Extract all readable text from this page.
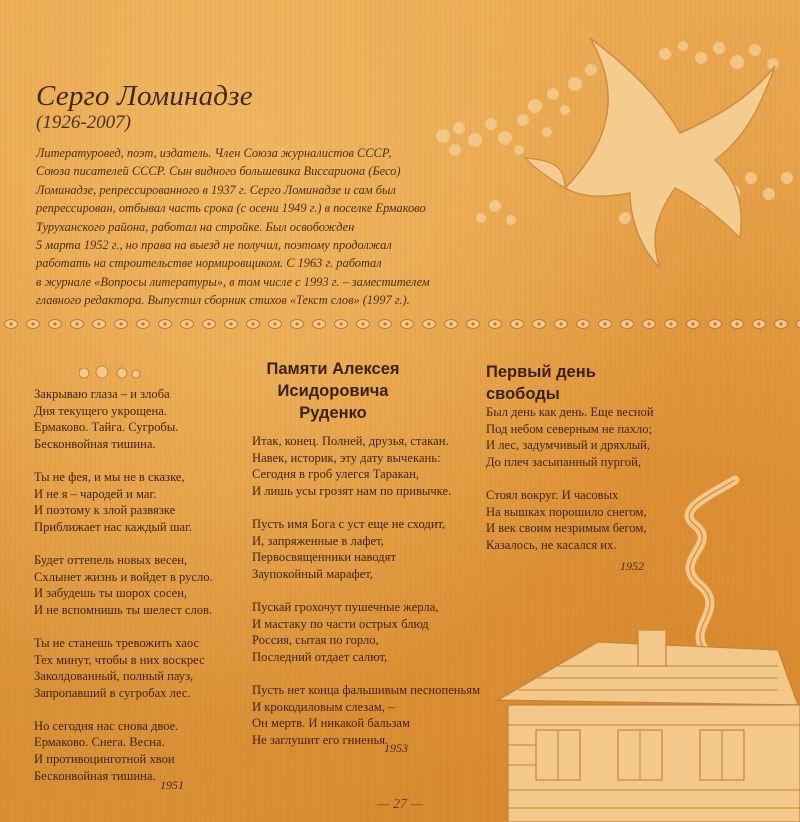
Серго Ломинадзе
(1926-2007)
Литературовед, поэт, издатель. Член Союза журналистов СССР,
Союза писателей СССР. Сын видного большевика Виссариона (Бесо)
Ломинадзе, репрессированного в 1937 г. Серго Ломинадзе и сам был
репрессирован, отбывал часть срока (с осени 1949 г.) в поселке Ермаково
Туруханского района, работал на стройке. Был освобожден
5 марта 1952 г., но права на выезд не получил, поэтому продолжал
работать на строительстве нормировщиком. С 1963 г. работал
в журнале «Вопросы литературы», в том числе с 1993 г. – заместителем
главного редактора. Выпустил сборник стихов «Текст слов» (1997 г.).
Закрываю глаза – и злоба
Дня текущего укрощена.
Ермаково. Тайга. Сугробы.
Бесконвойная тишина.
Ты не фея, и мы не в сказке,
И не я – чародей и маг.
И поэтому к злой развязке
Приближает нас каждый шаг.
Будет оттепель новых весен,
Схлынет жизнь и войдет в русло.
И забудешь ты шорох сосен,
И не вспомнишь ты шелест слов.
Ты не станешь тревожить хаос
Тех минут, чтобы в них воскрес
Заколдованный, полный пауз,
Запропавший в сугробах лес.
Но сегодня нас снова двое.
Ермаково. Снега. Весна.
И противоцинготной хвои
Бесконвойная тишина.
1951
Памяти Алексея
Исидоровича
Руденко
Итак, конец. Полней, друзья, стакан.
Навек, историк, эту дату вычекань:
Сегодня в гроб улегся Таракан,
И лишь усы грозят нам по привычке.
Пусть имя Бога с уст еще не сходит,
И, запряженные в лафет,
Первосвященники наводят
Заупокойный марафет,
Пускай грохочут пушечные жерла,
И мастаку по части острых блюд
Россия, сытая по горло,
Последний отдает салют,
Пусть нет конца фальшивым песнопеньям
И крокодиловым слезам, –
Он мертв. И никакой бальзам
Не заглушит его гниенья.
1953
Первый день
свободы
Был день как день. Еще весной
Под небом северным не пахло;
И лес, задумчивый и дряхлый,
До плеч засыпанный пургой,
Стоял вокруг. И часовых
На вышках порошило снегом,
И век своим незримым бегом,
Казалось, не касался их.
1952
— 27 —
